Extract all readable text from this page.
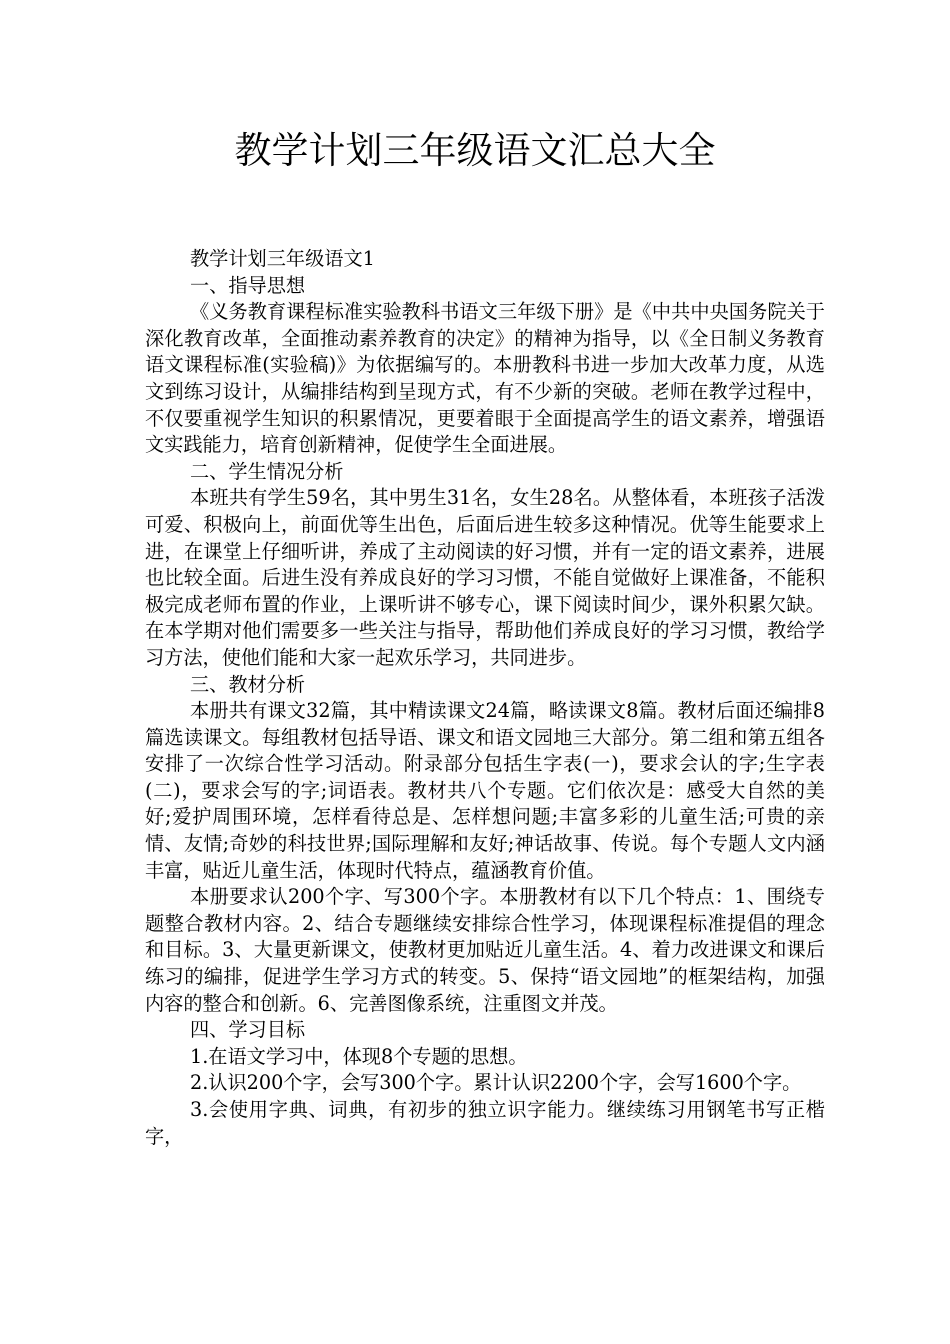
教学计划三年级语文汇总大全

教学计划三年级语文1

一、指导思想

《义务教育课程标准实验教科书语文三年级下册》是《中共中央国务院关于深化教育改革，全面推动素养教育的决定》的精神为指导，以《全日制义务教育语文课程标准(实验稿)》为依据编写的。本册教科书进一步加大改革力度，从选文到练习设计，从编排结构到呈现方式，有不少新的突破。老师在教学过程中，不仅要重视学生知识的积累情况，更要着眼于全面提高学生的语文素养，增强语文实践能力，培育创新精神，促使学生全面进展。

二、学生情况分析

本班共有学生59名，其中男生31名，女生28名。从整体看，本班孩子活泼可爱、积极向上，前面优等生出色，后面后进生较多这种情况。优等生能要求上进，在课堂上仔细听讲，养成了主动阅读的好习惯，并有一定的语文素养，进展也比较全面。后进生没有养成良好的学习习惯，不能自觉做好上课准备，不能积极完成老师布置的作业，上课听讲不够专心，课下阅读时间少，课外积累欠缺。在本学期对他们需要多一些关注与指导，帮助他们养成良好的学习习惯，教给学习方法，使他们能和大家一起欢乐学习，共同进步。

三、教材分析

本册共有课文32篇，其中精读课文24篇，略读课文8篇。教材后面还编排8篇选读课文。每组教材包括导语、课文和语文园地三大部分。第二组和第五组各安排了一次综合性学习活动。附录部分包括生字表(一)，要求会认的字;生字表(二)，要求会写的字;词语表。教材共八个专题。它们依次是：感受大自然的美好;爱护周围环境，怎样看待总是、怎样想问题;丰富多彩的儿童生活;可贵的亲情、友情;奇妙的科技世界;国际理解和友好;神话故事、传说。每个专题人文内涵丰富，贴近儿童生活，体现时代特点，蕴涵教育价值。

本册要求认200个字、写300个字。本册教材有以下几个特点：1、围绕专题整合教材内容。2、结合专题继续安排综合性学习，体现课程标准提倡的理念和目标。3、大量更新课文，使教材更加贴近儿童生活。4、着力改进课文和课后练习的编排，促进学生学习方式的转变。5、保持“语文园地”的框架结构，加强内容的整合和创新。6、完善图像系统，注重图文并茂。

四、学习目标

1.在语文学习中，体现8个专题的思想。

2.认识200个字，会写300个字。累计认识2200个字，会写1600个字。

3.会使用字典、词典，有初步的独立识字能力。继续练习用钢笔书写正楷字，
